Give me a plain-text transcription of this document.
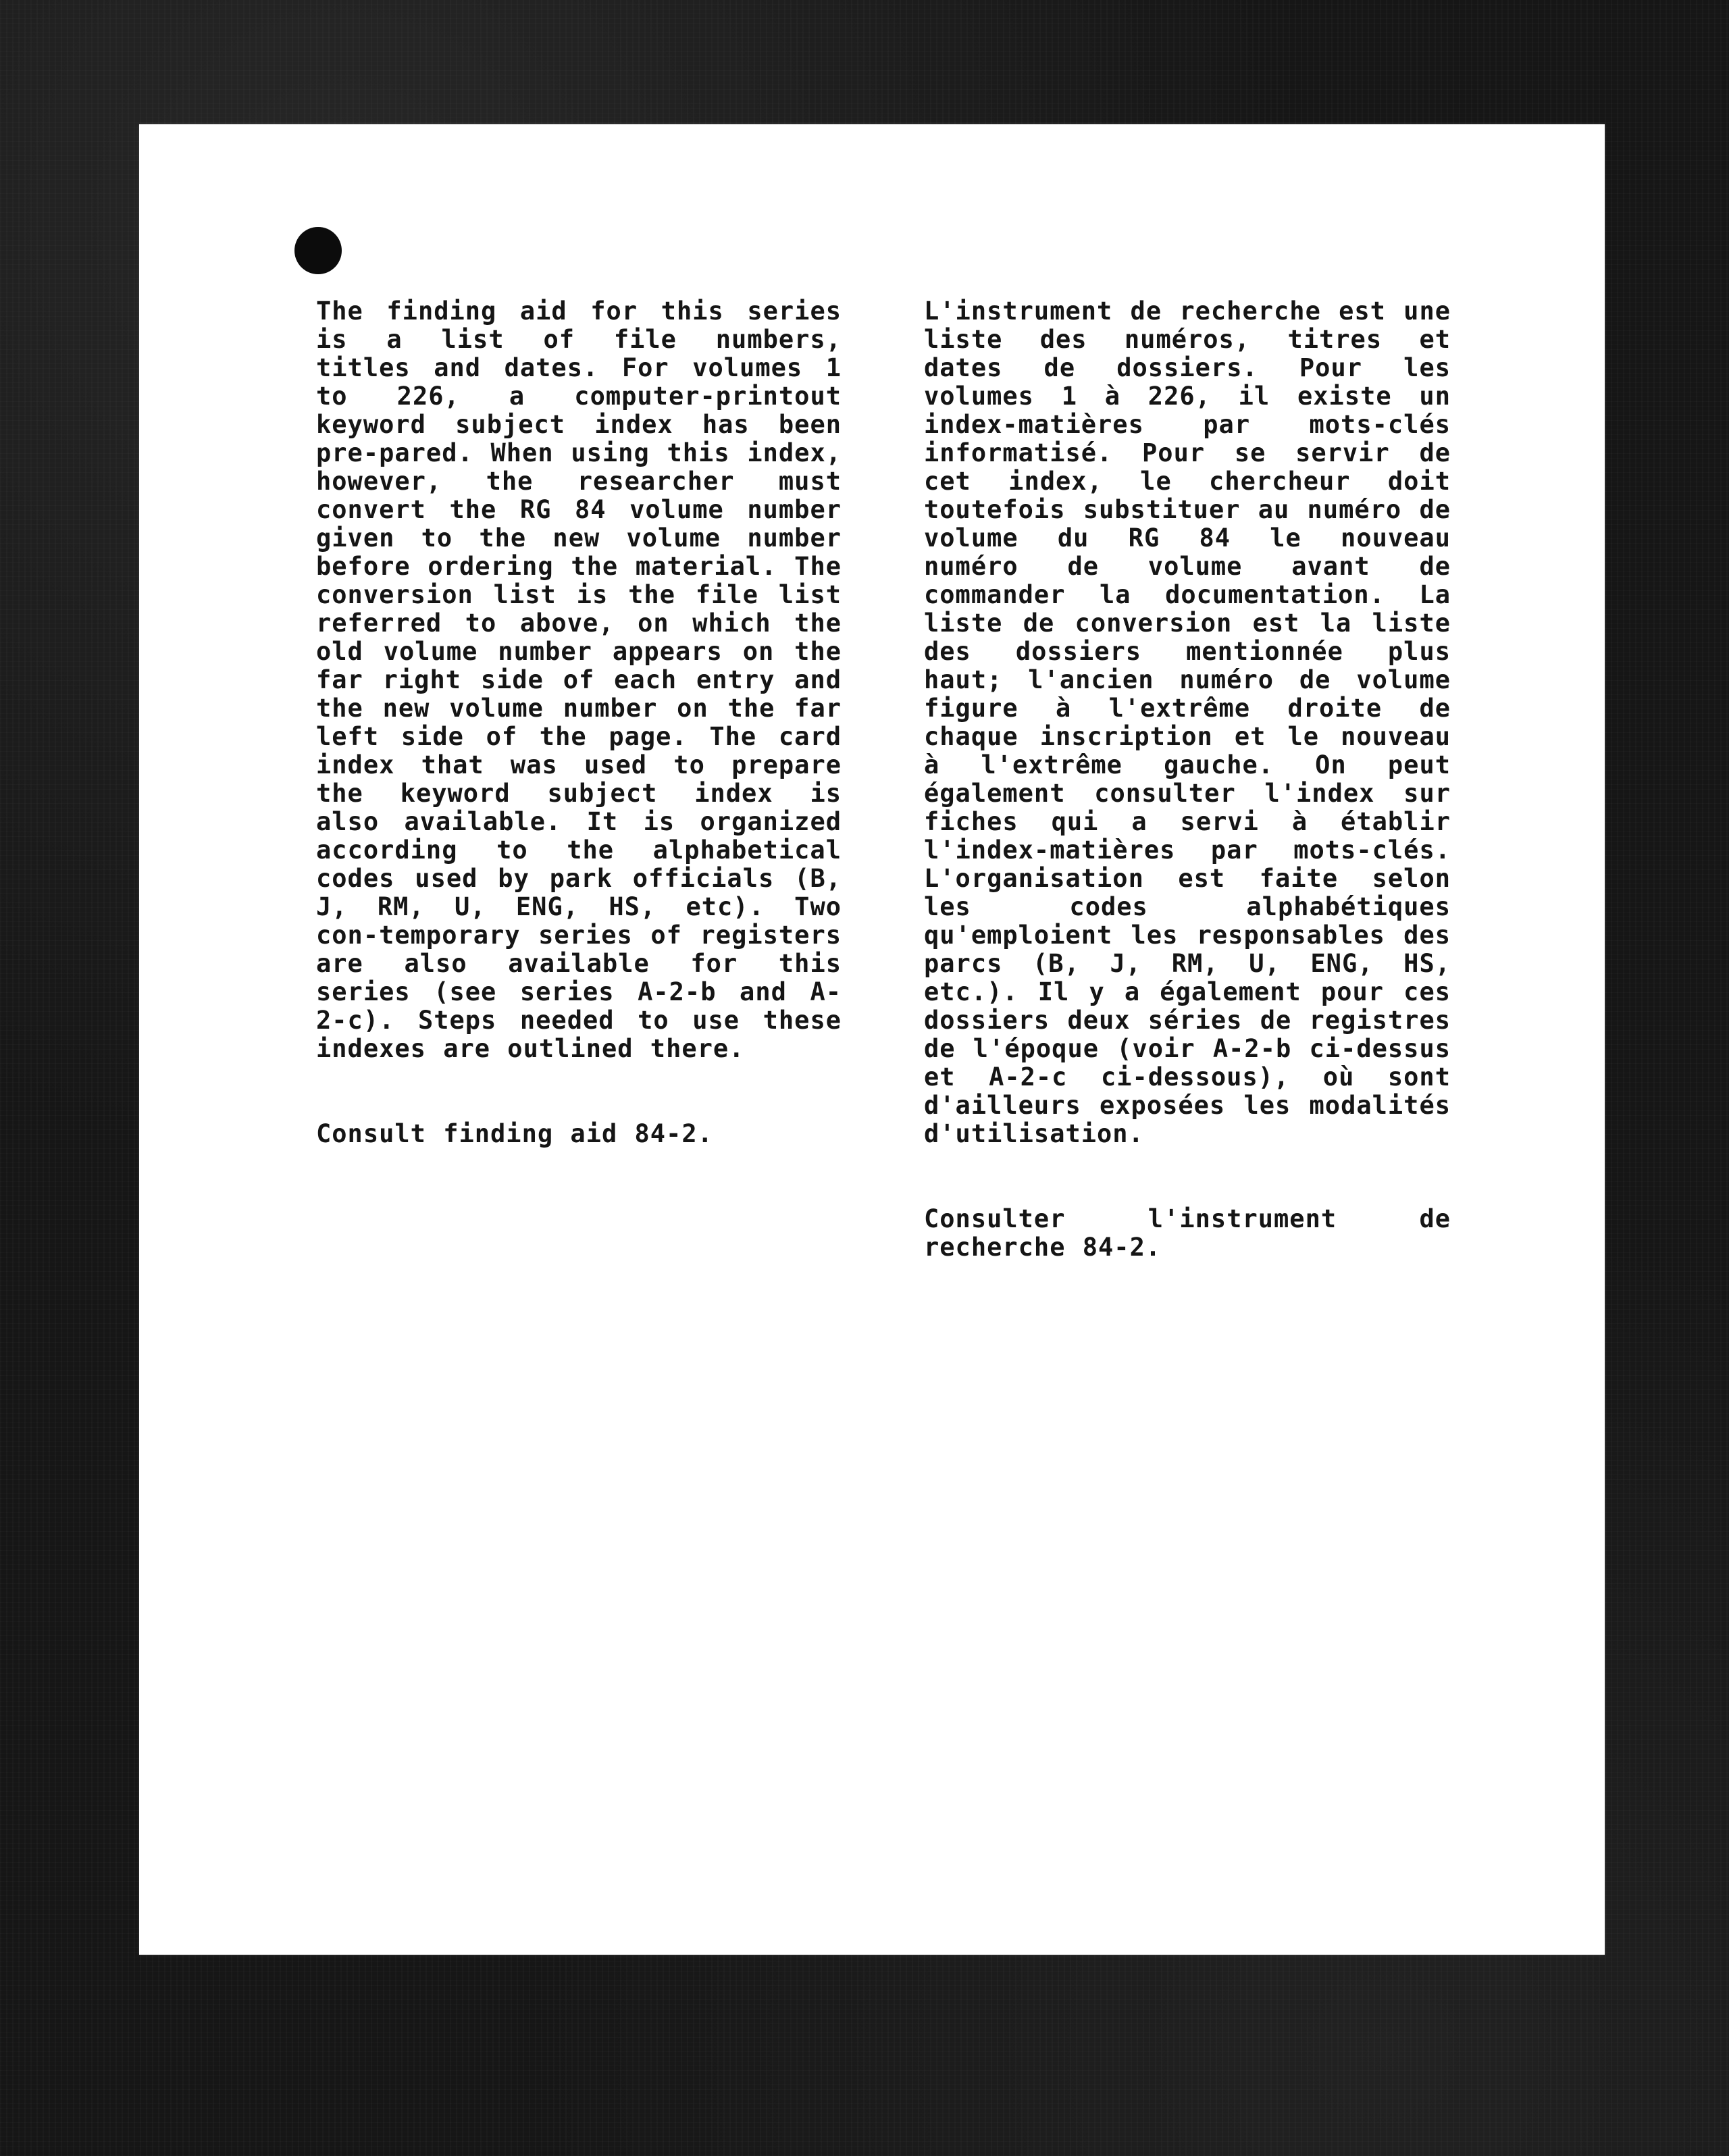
The finding aid for this series is a list of file numbers, titles and dates. For volumes 1 to 226, a computer-printout keyword subject index has been pre-pared. When using this index, however, the researcher must convert the RG 84 volume number given to the new volume number before ordering the material. The conversion list is the file list referred to above, on which the old volume number appears on the far right side of each entry and the new volume number on the far left side of the page. The card index that was used to prepare the keyword subject index is also available. It is organized according to the alphabetical codes used by park officials (B, J, RM, U, ENG, HS, etc). Two con-temporary series of registers are also available for this series (see series A-2-b and A-2-c). Steps needed to use these indexes are outlined there.

Consult finding aid 84-2.

L'instrument de recherche est une liste des numéros, titres et dates de dossiers. Pour les volumes 1 à 226, il existe un index-matières par mots-clés informatisé. Pour se servir de cet index, le chercheur doit toutefois substituer au numéro de volume du RG 84 le nouveau numéro de volume avant de commander la documentation. La liste de conversion est la liste des dossiers mentionnée plus haut; l'ancien numéro de volume figure à l'extrême droite de chaque inscription et le nouveau à l'extrême gauche. On peut également consulter l'index sur fiches qui a servi à établir l'index-matières par mots-clés. L'organisation est faite selon les codes alphabétiques qu'emploient les responsables des parcs (B, J, RM, U, ENG, HS, etc.). Il y a également pour ces dossiers deux séries de registres de l'époque (voir A-2-b ci-dessus et A-2-c ci-dessous), où sont d'ailleurs exposées les modalités d'utilisation.

Consulter l'instrument de recherche 84-2.
